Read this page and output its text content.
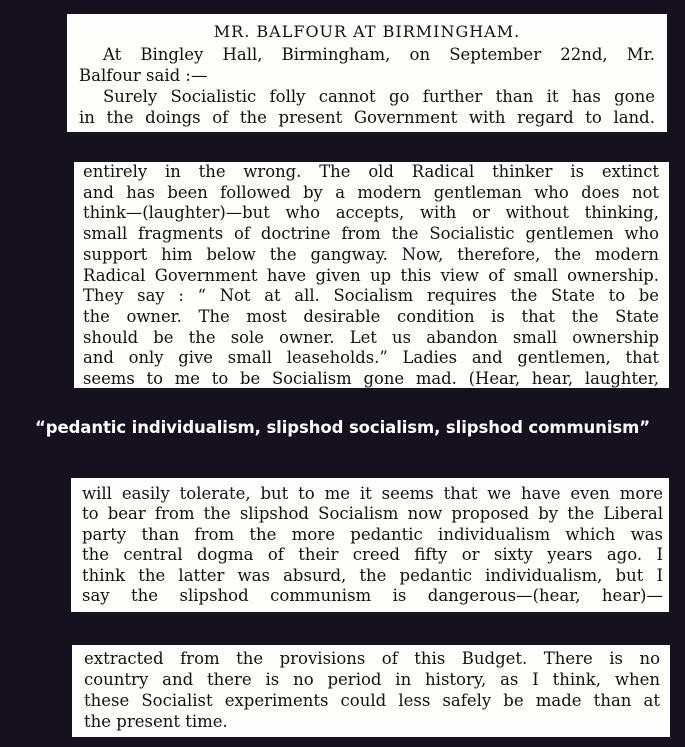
MR. BALFOUR AT BIRMINGHAM.
At Bingley Hall, Birmingham, on September 22nd, Mr.
Balfour said :—
Surely Socialistic folly cannot go further than it has gone
in the doings of the present Government with regard to land.
entirely in the wrong. The old Radical thinker is extinct
and has been followed by a modern gentleman who does not
think—(laughter)—but who accepts, with or without thinking,
small fragments of doctrine from the Socialistic gentlemen who
support him below the gangway. Now, therefore, the modern
Radical Government have given up this view of small ownership.
They say : “ Not at all. Socialism requires the State to be
the owner. The most desirable condition is that the State
should be the sole owner. Let us abandon small ownership
and only give small leaseholds.” Ladies and gentlemen, that
seems to me to be Socialism gone mad. (Hear, hear, laughter,
“pedantic individualism, slipshod socialism, slipshod communism”
will easily tolerate, but to me it seems that we have even more
to bear from the slipshod Socialism now proposed by the Liberal
party than from the more pedantic individualism which was
the central dogma of their creed fifty or sixty years ago. I
think the latter was absurd, the pedantic individualism, but I
say the slipshod communism is dangerous—(hear, hear)—
extracted from the provisions of this Budget. There is no
country and there is no period in history, as I think, when
these Socialist experiments could less safely be made than at
the present time.
